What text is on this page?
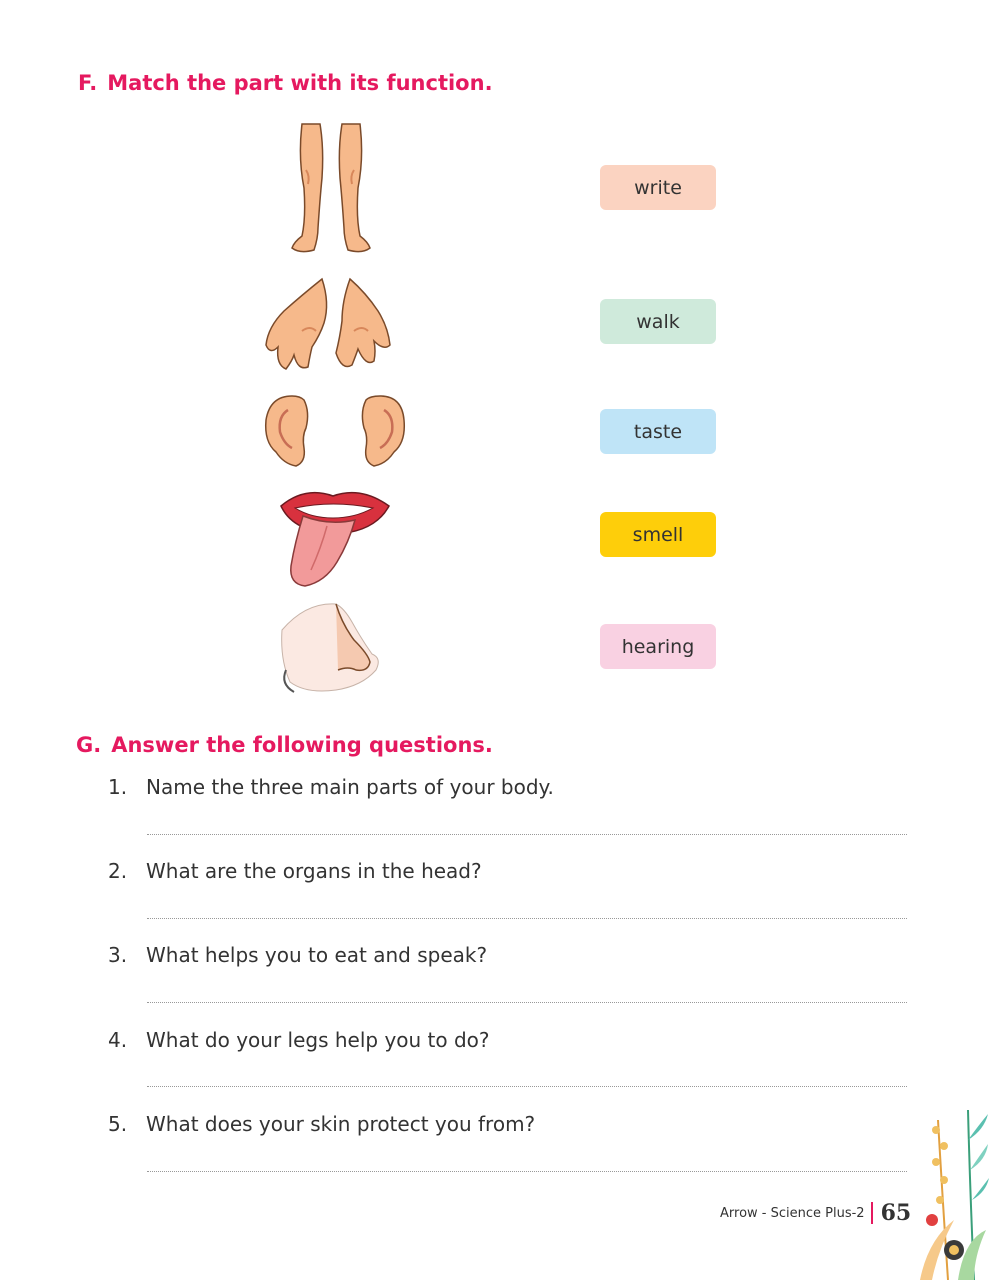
F. Match the part with its function.
write
walk
taste
smell
hearing
G. Answer the following questions.
1. Name the three main parts of your body.
2. What are the organs in the head?
3. What helps you to eat and speak?
4. What do your legs help you to do?
5. What does your skin protect you from?
Arrow - Science Plus-2 65
